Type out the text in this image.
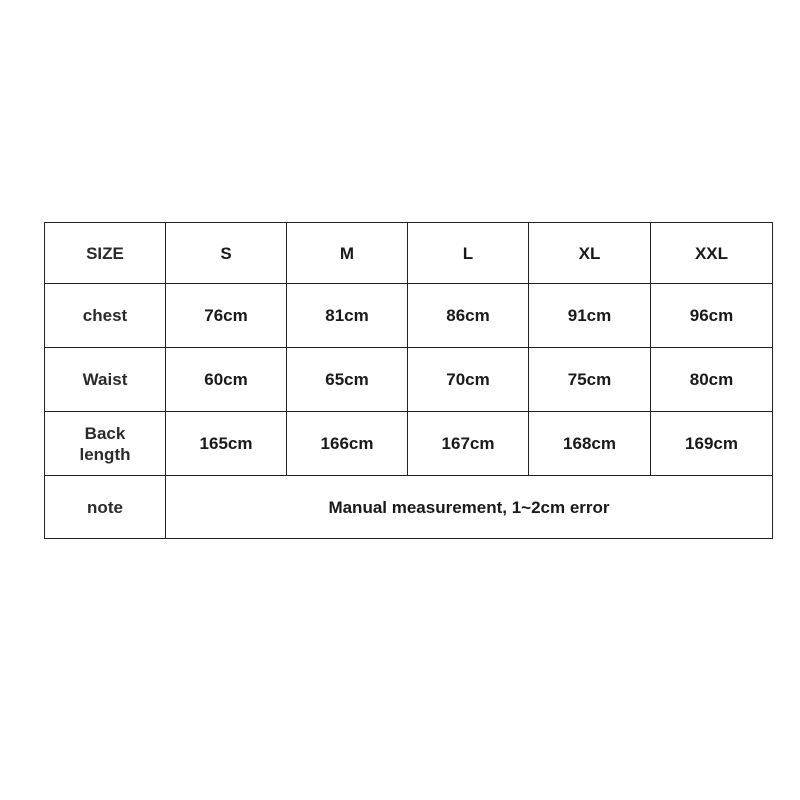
SIZE	S	M	L	XL	XXL
chest	76cm	81cm	86cm	91cm	96cm
Waist	60cm	65cm	70cm	75cm	80cm
Back length	165cm	166cm	167cm	168cm	169cm
note	Manual measurement, 1~2cm error				
